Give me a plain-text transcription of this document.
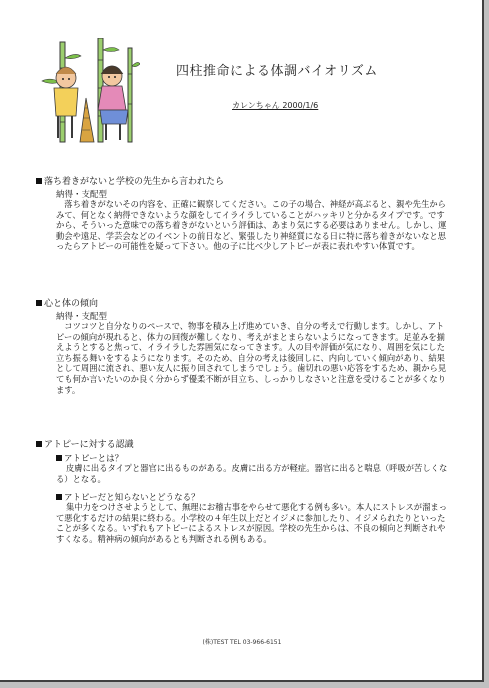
四柱推命による体調バイオリズム
カレンちゃん 2000/1/6
落ち着きがないと学校の先生から言われたら
納得・支配型

　落ち着きがないその内容を、正確に観察してください。この子の場合、神経が高ぶると、親や先生からみて、何となく納得できないような顔をしてイライラしていることがハッキリと分かるタイプです。ですから、そういった意味での落ち着きがないという評価は、あまり気にする必要はありません。しかし、運動会や遠足、学芸会などのイベントの前日など、緊張したり神経質になる日に特に落ち着きがないなと思ったらアトピーの可能性を疑って下さい。他の子に比べ少しアトピーが表に表れやすい体質です。

心と体の傾向
納得・支配型

　コツコツと自分なりのペースで、物事を積み上げ進めていき、自分の考えで行動します。しかし、アトピーの傾向が現れると、体力の回復が難しくなり、考えがまとまらないようになってきます。足並みを揃えようとすると焦って、イライラした雰囲気になってきます。人の目や評価が気になり、周囲を気にした立ち振る舞いをするようになります。そのため、自分の考えは後回しに、内向していく傾向があり、結果として周囲に流され、悪い友人に振り回されてしまうでしょう。歯切れの悪い応答をするため、親から見ても何か言いたいのか良く分からず優柔不断が目立ち、しっかりしなさいと注意を受けることが多くなります。

アトピーに対する認識
アトピーとは？

皮膚に出るタイプと器官に出るものがある。皮膚に出る方が軽症。器官に出ると喘息（呼吸が苦しくなる）となる。

アトピーだと知らないとどうなる？

集中力をつけさせようとして、無理にお稽古事をやらせて悪化する例も多い。本人にストレスが溜まって悪化するだけの結果に終わる。小学校の４年生以上だとイジメに参加したり、イジメられたりといったことが多くなる。いずれもアトピーによるストレスが原因。学校の先生からは、不良の傾向と判断されやすくなる。精神病の傾向があるとも判断される例もある。

(株)TEST TEL 03-966-6151
